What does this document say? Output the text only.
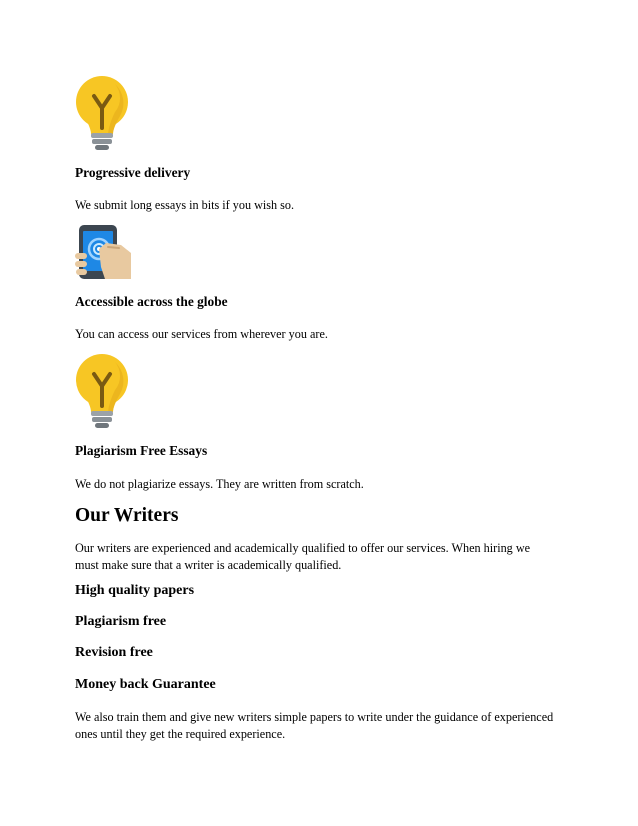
Progressive delivery
We submit long essays in bits if you wish so.
Accessible across the globe
You can access our services from wherever you are.
Plagiarism Free Essays
We do not plagiarize essays. They are written from scratch.
Our Writers
Our writers are experienced and academically qualified to offer our services. When hiring we must make sure that a writer is academically qualified.
High quality papers
Plagiarism free
Revision free
Money back Guarantee
We also train them and give new writers simple papers to write under the guidance of experienced ones until they get the required experience.
